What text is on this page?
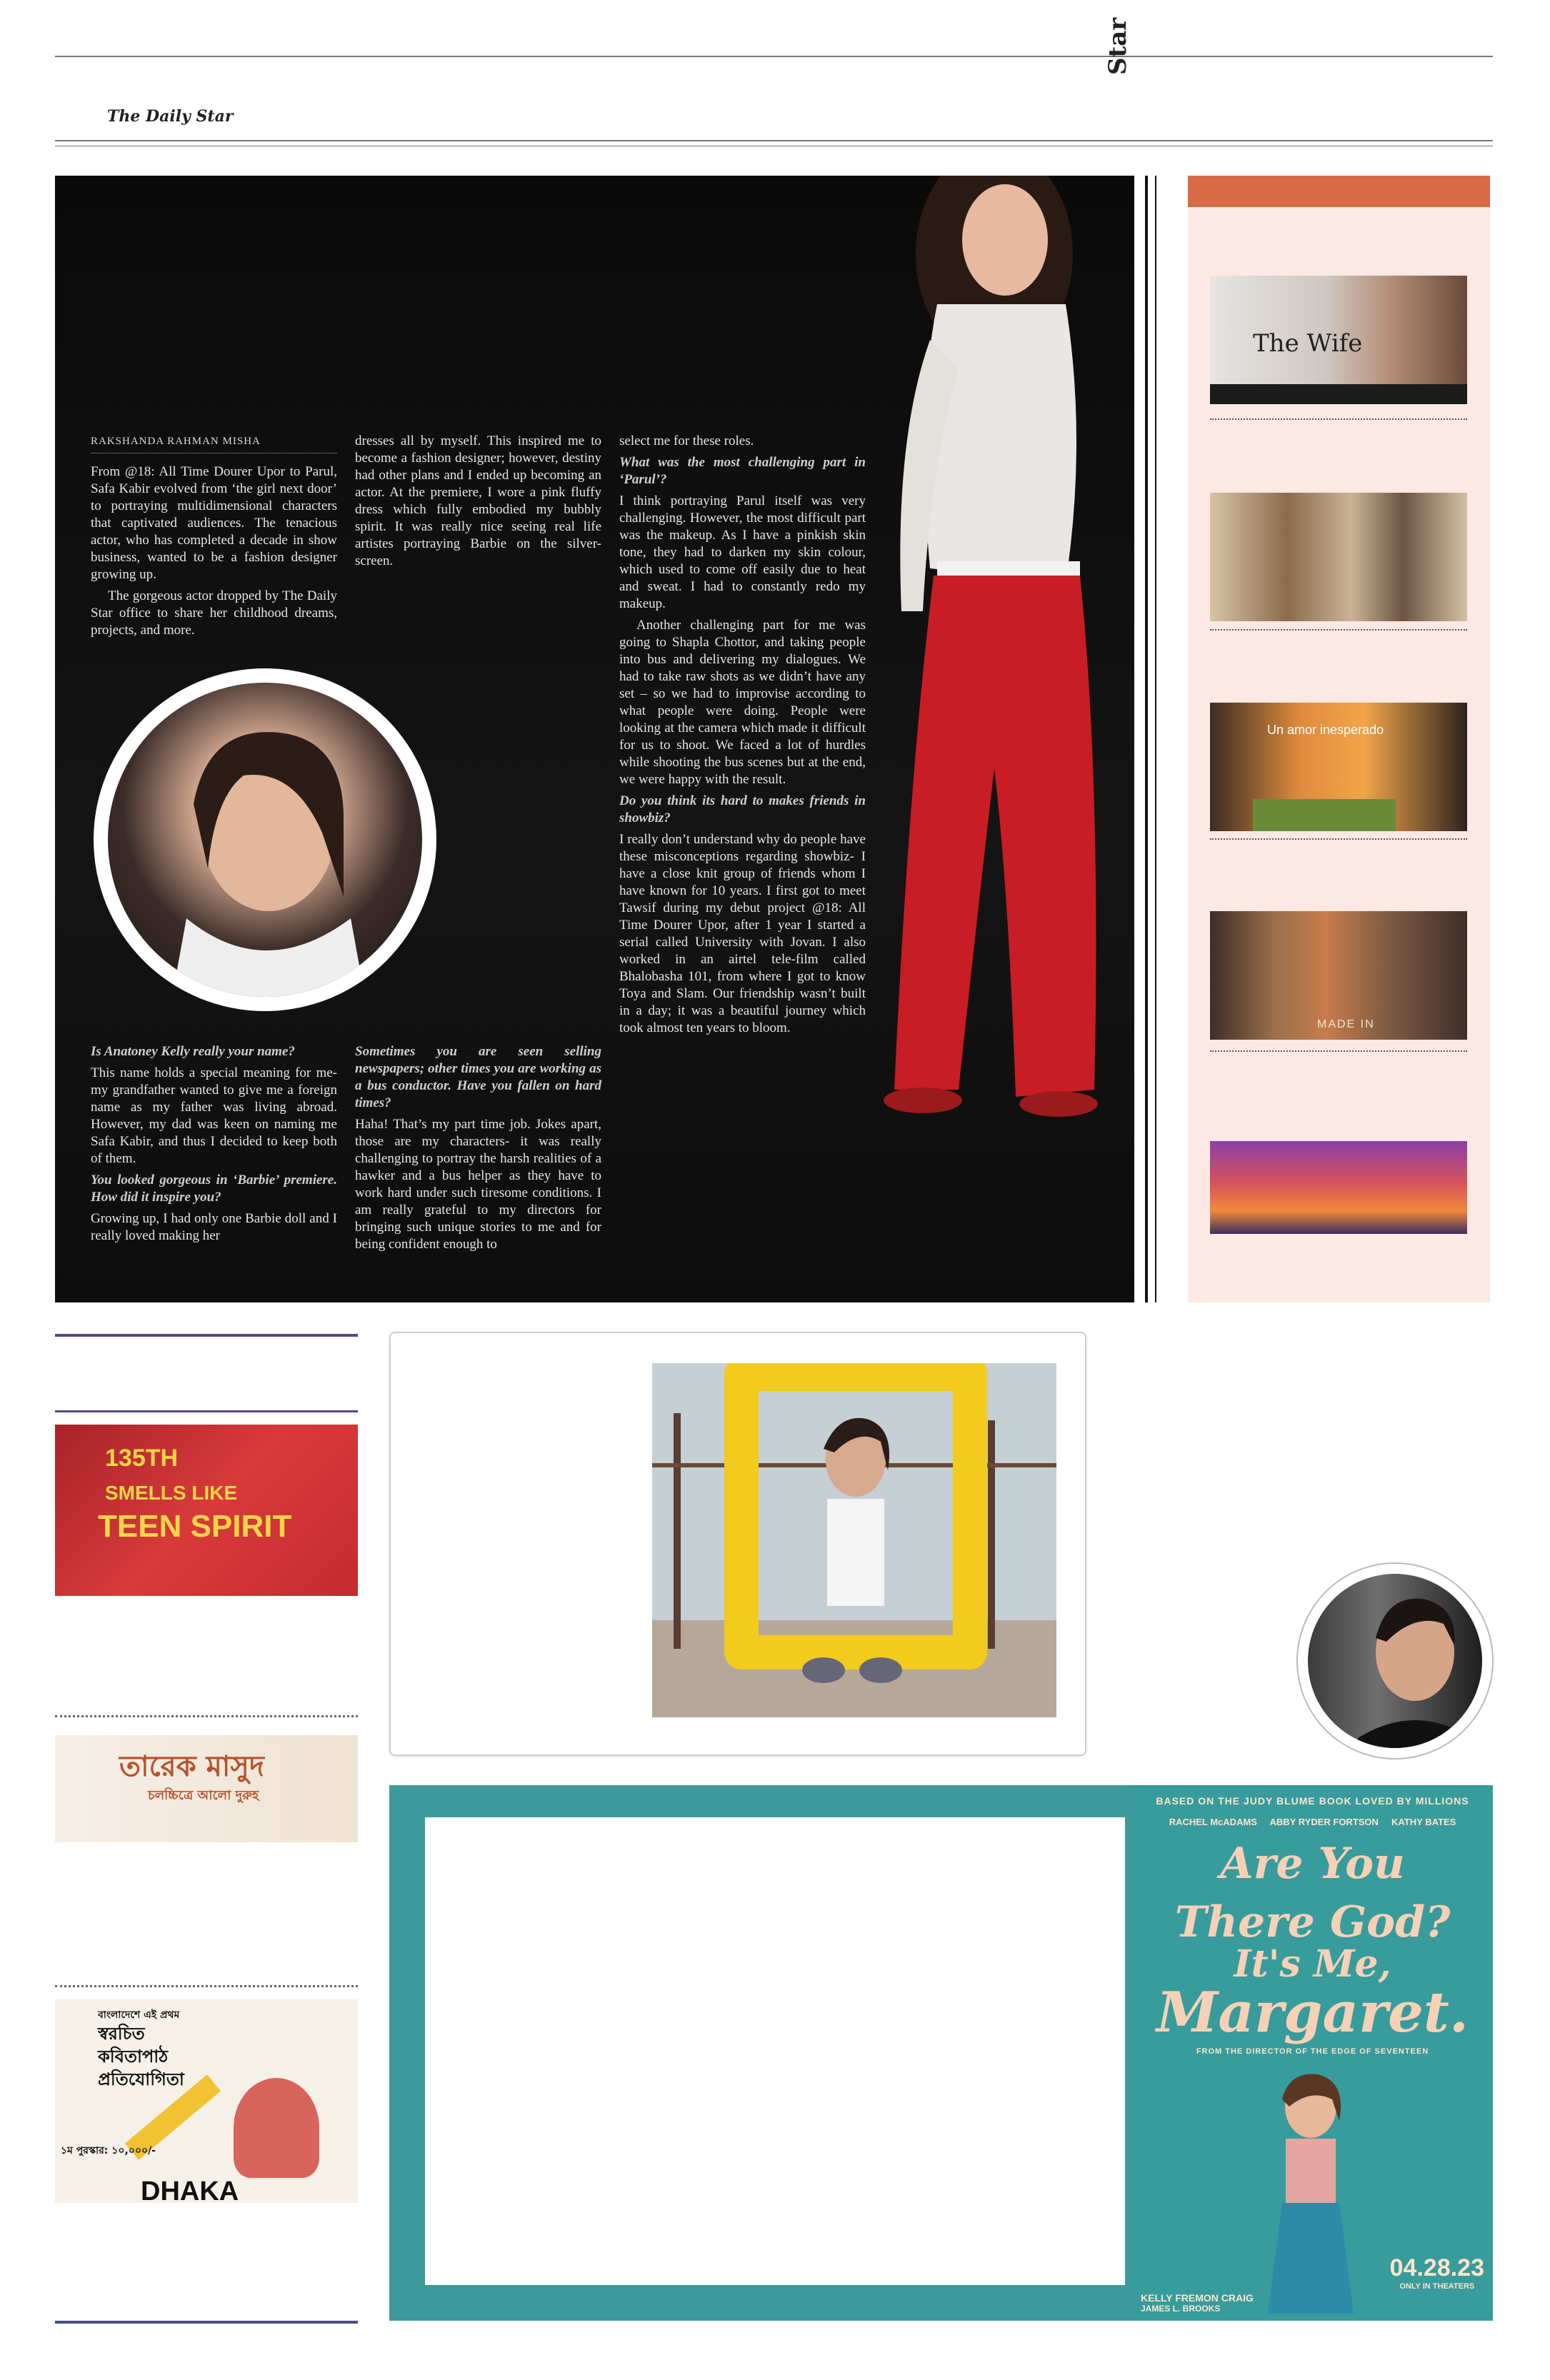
The Daily Star
Star
RAKSHANDA RAHMAN MISHA

From @18: All Time Dourer Upor to Parul, Safa Kabir evolved from ‘the girl next door’ to portraying multidimensional characters that captivated audiences. The tenacious actor, who has completed a decade in show business, wanted to be a fashion designer growing up.

The gorgeous actor dropped by The Daily Star office to share her childhood dreams, projects, and more.

dresses all by myself. This inspired me to become a fashion designer; however, destiny had other plans and I ended up becoming an actor. At the premiere, I wore a pink fluffy dress which fully embodied my bubbly spirit. It was really nice seeing real life artistes portraying Barbie on the silver-screen.

select me for these roles.

What was the most challenging part in ‘Parul’?

I think portraying Parul itself was very challenging. However, the most difficult part was the makeup. As I have a pinkish skin tone, they had to darken my skin colour, which used to come off easily due to heat and sweat. I had to constantly redo my makeup.

Another challenging part for me was going to Shapla Chottor, and taking people into bus and delivering my dialogues. We had to take raw shots as we didn’t have any set – so we had to improvise according to what people were doing. People were looking at the camera which made it difficult for us to shoot. We faced a lot of hurdles while shooting the bus scenes but at the end, we were happy with the result.

Do you think its hard to makes friends in showbiz?

I really don’t understand why do people have these misconceptions regarding showbiz- I have a close knit group of friends whom I have known for 10 years. I first got to meet Tawsif during my debut project @18: All Time Dourer Upor, after 1 year I started a serial called University with Jovan. I also worked in an airtel tele-film called Bhalobasha 101, from where I got to know Toya and Slam. Our friendship wasn’t built in a day; it was a beautiful journey which took almost ten years to bloom.

Is Anatoney Kelly really your name?

This name holds a special meaning for me- my grandfather wanted to give me a foreign name as my father was living abroad. However, my dad was keen on naming me Safa Kabir, and thus I decided to keep both of them.

You looked gorgeous in ‘Barbie’ premiere. How did it inspire you?

Growing up, I had only one Barbie doll and I really loved making her

Sometimes you are seen selling newspapers; other times you are working as a bus conductor. Have you fallen on hard times?

Haha! That’s my part time job. Jokes apart, those are my characters- it was really challenging to portray the harsh realities of a hawker and a bus helper as they have to work hard under such tiresome conditions. I am really grateful to my directors for bringing such unique stories to me and for being confident enough to

The Wife
Un amor inesperado
MADE IN
135TH
SMELLS LIKE
TEEN SPIRIT
তারেক মাসুদ
চলচ্চিত্রে আলো দুরুহ
বাংলাদেশে এই প্রথম
স্বরচিত
কবিতাপাঠ
প্রতিযোগিতা
১ম পুরস্কার: ১০,০০০/-
DHAKA
BASED ON THE JUDY BLUME BOOK LOVED BY MILLIONS
RACHEL McADAMS ABBY RYDER FORTSON KATHY BATES
Are You
There God?
It's Me,
Margaret.
FROM THE DIRECTOR OF THE EDGE OF SEVENTEEN
04.28.23
ONLY IN THEATERS
KELLY FREMON CRAIG
JAMES L. BROOKS
